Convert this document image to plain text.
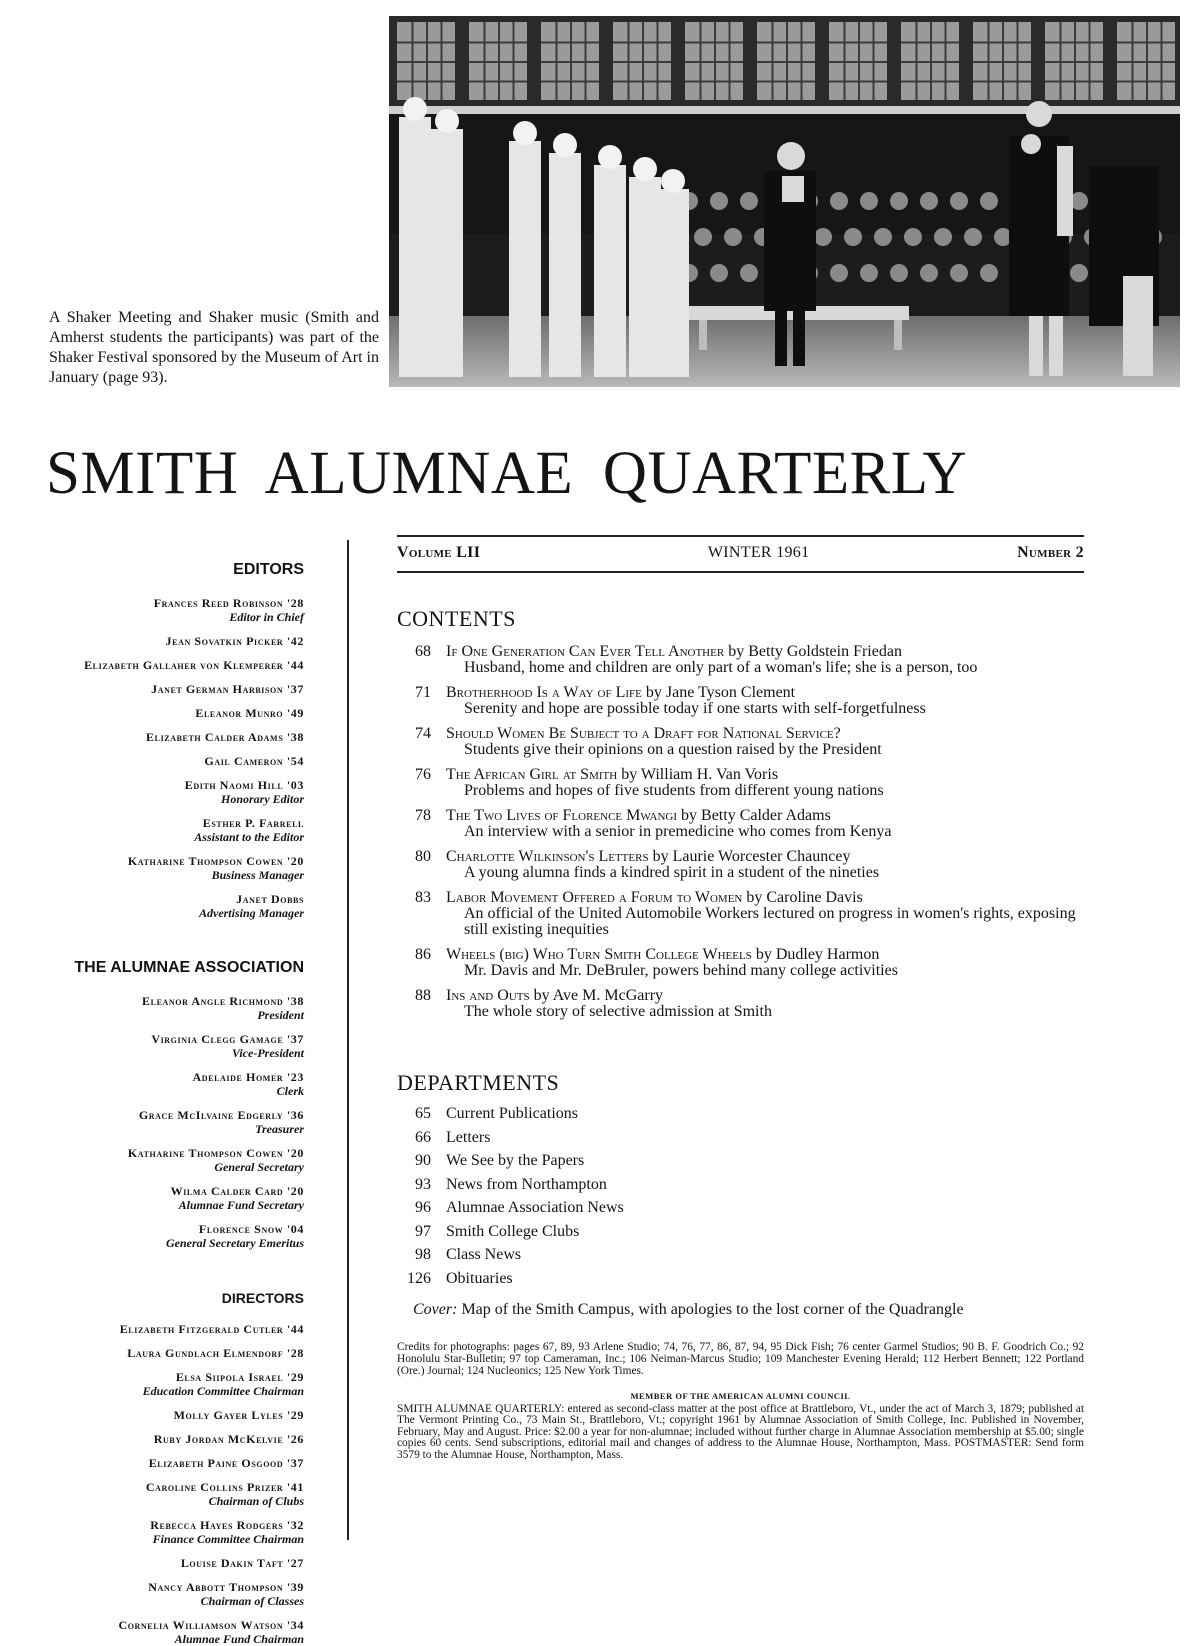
A Shaker Meeting and Shaker music (Smith and Amherst students the participants) was part of the Shaker Festival sponsored by the Museum of Art in January (page 93).
SMITH ALUMNAE QUARTERLY
EDITORS
Frances Reed Robinson '28
Editor in Chief
Jean Sovatkin Picker '42
Elizabeth Gallaher von Klemperer '44
Janet German Harbison '37
Eleanor Munro '49
Elizabeth Calder Adams '38
Gail Cameron '54
Edith Naomi Hill '03
Honorary Editor
Esther P. Farrell
Assistant to the Editor
Katharine Thompson Cowen '20
Business Manager
Janet Dobbs
Advertising Manager
THE ALUMNAE ASSOCIATION
Eleanor Angle Richmond '38
President
Virginia Clegg Gamage '37
Vice-President
Adelaide Homer '23
Clerk
Grace McIlvaine Edgerly '36
Treasurer
Katharine Thompson Cowen '20
General Secretary
Wilma Calder Card '20
Alumnae Fund Secretary
Florence Snow '04
General Secretary Emeritus
DIRECTORS
Elizabeth Fitzgerald Cutler '44
Laura Gundlach Elmendorf '28
Elsa Siipola Israel '29
Education Committee Chairman
Molly Gayer Lyles '29
Ruby Jordan McKelvie '26
Elizabeth Paine Osgood '37
Caroline Collins Prizer '41
Chairman of Clubs
Rebecca Hayes Rodgers '32
Finance Committee Chairman
Louise Dakin Taft '27
Nancy Abbott Thompson '39
Chairman of Classes
Cornelia Williamson Watson '34
Alumnae Fund Chairman
Volume LII	WINTER 1961	Number 2
CONTENTS
68 If One Generation Can Ever Tell Another by Betty Goldstein Friedan
Husband, home and children are only part of a woman's life; she is a person, too
71 Brotherhood Is a Way of Life by Jane Tyson Clement
Serenity and hope are possible today if one starts with self-forgetfulness
74 Should Women Be Subject to a Draft for National Service?
Students give their opinions on a question raised by the President
76 The African Girl at Smith by William H. Van Voris
Problems and hopes of five students from different young nations
78 The Two Lives of Florence Mwangi by Betty Calder Adams
An interview with a senior in premedicine who comes from Kenya
80 Charlotte Wilkinson's Letters by Laurie Worcester Chauncey
A young alumna finds a kindred spirit in a student of the nineties
83 Labor Movement Offered a Forum to Women by Caroline Davis
An official of the United Automobile Workers lectured on progress in women's rights, exposing still existing inequities
86 Wheels (big) Who Turn Smith College Wheels by Dudley Harmon
Mr. Davis and Mr. DeBruler, powers behind many college activities
88 Ins and Outs by Ave M. McGarry
The whole story of selective admission at Smith
DEPARTMENTS
65 Current Publications
66 Letters
90 We See by the Papers
93 News from Northampton
96 Alumnae Association News
97 Smith College Clubs
98 Class News
126 Obituaries
Cover: Map of the Smith Campus, with apologies to the lost corner of the Quadrangle
Credits for photographs: pages 67, 89, 93 Arlene Studio; 74, 76, 77, 86, 87, 94, 95 Dick Fish; 76 center Garmel Studios; 90 B. F. Goodrich Co.; 92 Honolulu Star-Bulletin; 97 top Cameraman, Inc.; 106 Neiman-Marcus Studio; 109 Manchester Evening Herald; 112 Herbert Bennett; 122 Portland (Ore.) Journal; 124 Nucleonics; 125 New York Times.
MEMBER OF THE AMERICAN ALUMNI COUNCIL
SMITH ALUMNAE QUARTERLY: entered as second-class matter at the post office at Brattleboro, Vt., under the act of March 3, 1879; published at The Vermont Printing Co., 73 Main St., Brattleboro, Vt.; copyright 1961 by Alumnae Association of Smith College, Inc. Published in November, February, May and August. Price: $2.00 a year for non-alumnae; included without further charge in Alumnae Association membership at $5.00; single copies 60 cents. Send subscriptions, editorial mail and changes of address to the Alumnae House, Northampton, Mass. POSTMASTER: Send form 3579 to the Alumnae House, Northampton, Mass.
